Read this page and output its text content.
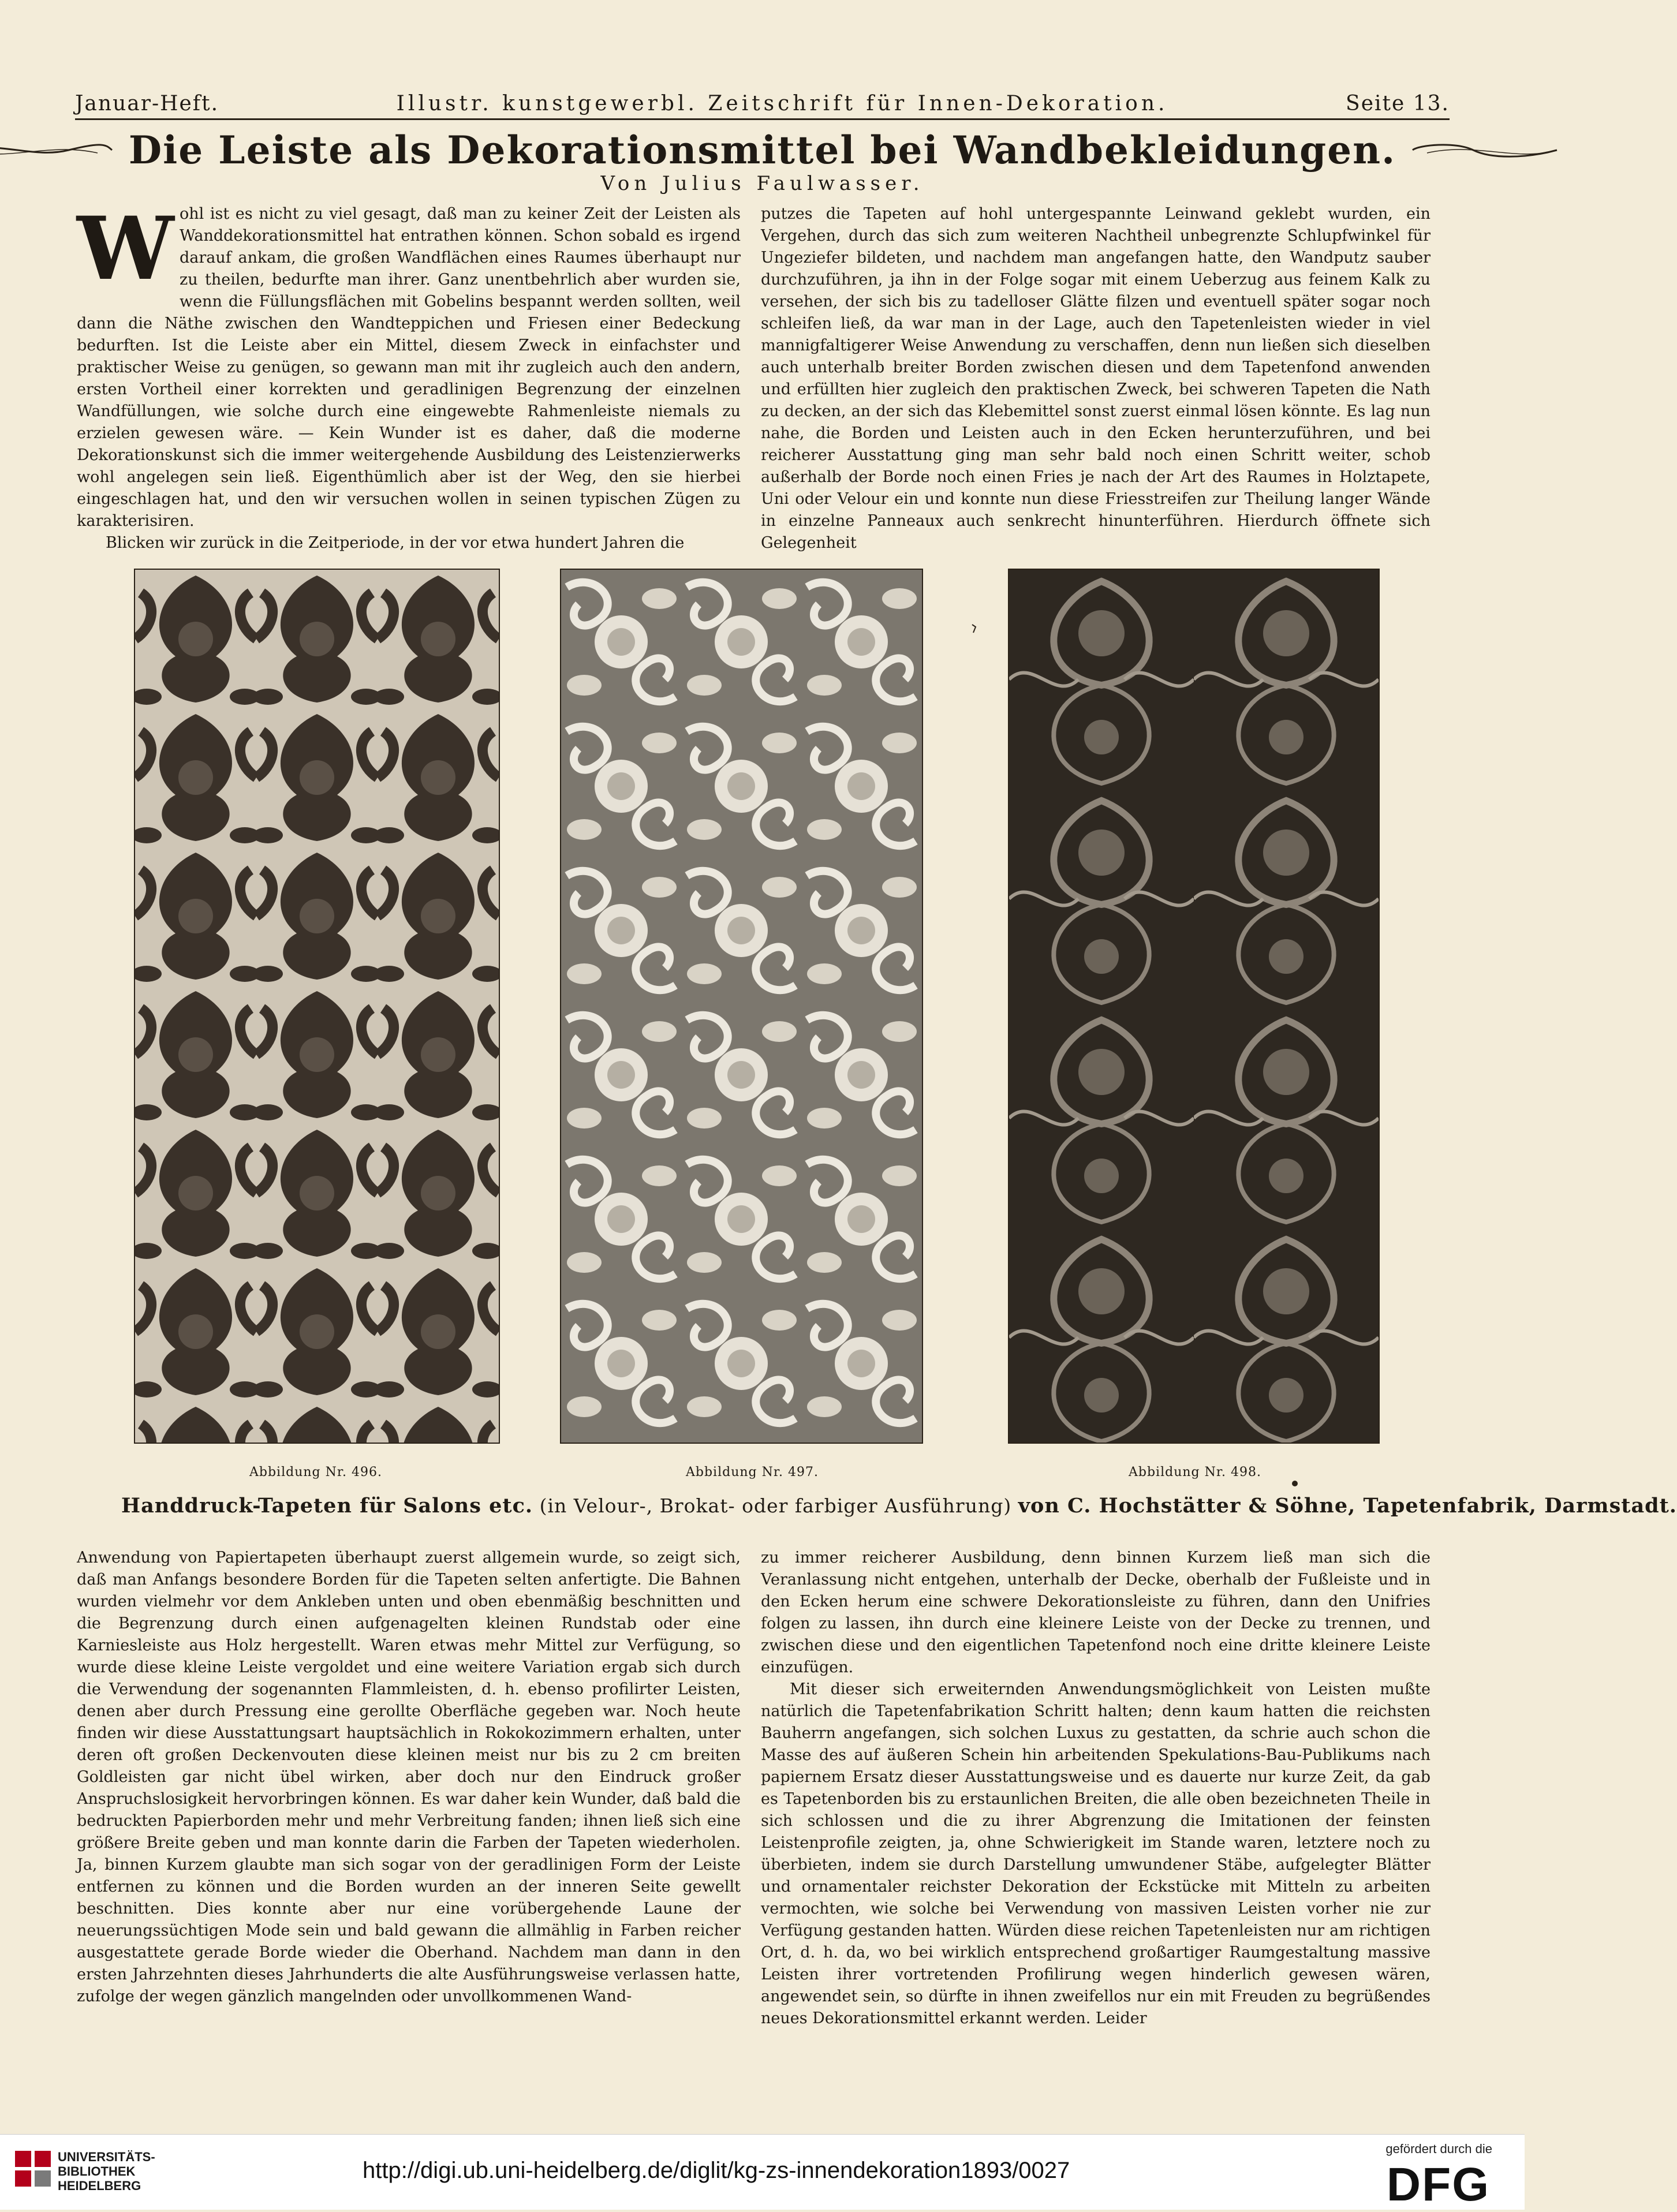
Januar-Heft.	Illustr. kunstgewerbl. Zeitschrift für Innen-Dekoration.	Seite 13.
Die Leiste als Dekorationsmittel bei Wandbekleidungen.
Von Julius Faulwasser.
W ohl ist es nicht zu viel gesagt, daß man zu keiner Zeit der Leisten als Wanddekorationsmittel hat entrathen können. Schon sobald es irgend darauf ankam, die großen Wandflächen eines Raumes überhaupt nur zu theilen, bedurfte man ihrer. Ganz unentbehrlich aber wurden sie, wenn die Füllungsflächen mit Gobelins bespannt werden sollten, weil dann die Näthe zwischen den Wandteppichen und Friesen einer Bedeckung bedurften. Ist die Leiste aber ein Mittel, diesem Zweck in einfachster und praktischer Weise zu genügen, so gewann man mit ihr zugleich auch den andern, ersten Vortheil einer korrekten und geradlinigen Begrenzung der einzelnen Wandfüllungen, wie solche durch eine eingewebte Rahmenleiste niemals zu erzielen gewesen wäre. — Kein Wunder ist es daher, daß die moderne Dekorationskunst sich die immer weitergehende Ausbildung des Leistenzierwerks wohl angelegen sein ließ. Eigenthümlich aber ist der Weg, den sie hierbei eingeschlagen hat, und den wir versuchen wollen in seinen typischen Zügen zu karakterisiren.

Blicken wir zurück in die Zeitperiode, in der vor etwa hundert Jahren die

putzes die Tapeten auf hohl untergespannte Leinwand geklebt wurden, ein Vergehen, durch das sich zum weiteren Nachtheil unbegrenzte Schlupfwinkel für Ungeziefer bildeten, und nachdem man angefangen hatte, den Wandputz sauber durchzuführen, ja ihn in der Folge sogar mit einem Ueberzug aus feinem Kalk zu versehen, der sich bis zu tadelloser Glätte filzen und eventuell später sogar noch schleifen ließ, da war man in der Lage, auch den Tapetenleisten wieder in viel mannigfaltigerer Weise Anwendung zu verschaffen, denn nun ließen sich dieselben auch unterhalb breiter Borden zwischen diesen und dem Tapetenfond anwenden und erfüllten hier zugleich den praktischen Zweck, bei schweren Tapeten die Nath zu decken, an der sich das Klebemittel sonst zuerst einmal lösen könnte. Es lag nun nahe, die Borden und Leisten auch in den Ecken herunterzuführen, und bei reicherer Ausstattung ging man sehr bald noch einen Schritt weiter, schob außerhalb der Borde noch einen Fries je nach der Art des Raumes in Holztapete, Uni oder Velour ein und konnte nun diese Friesstreifen zur Theilung langer Wände in einzelne Panneaux auch senkrecht hinunterführen. Hierdurch öffnete sich Gelegenheit

Abbildung Nr. 496.	Abbildung Nr. 497.	Abbildung Nr. 498.
Handdruck-Tapeten für Salons etc. (in Velour-, Brokat- oder farbiger Ausführung) von C. Hochstätter & Söhne, Tapetenfabrik, Darmstadt.

Anwendung von Papiertapeten überhaupt zuerst allgemein wurde, so zeigt sich, daß man Anfangs besondere Borden für die Tapeten selten anfertigte. Die Bahnen wurden vielmehr vor dem Ankleben unten und oben ebenmäßig beschnitten und die Begrenzung durch einen aufgenagelten kleinen Rundstab oder eine Karniesleiste aus Holz hergestellt. Waren etwas mehr Mittel zur Verfügung, so wurde diese kleine Leiste vergoldet und eine weitere Variation ergab sich durch die Verwendung der sogenannten Flammleisten, d. h. ebenso profilirter Leisten, denen aber durch Pressung eine gerollte Oberfläche gegeben war. Noch heute finden wir diese Ausstattungsart hauptsächlich in Rokokozimmern erhalten, unter deren oft großen Deckenvouten diese kleinen meist nur bis zu 2 cm breiten Goldleisten gar nicht übel wirken, aber doch nur den Eindruck großer Anspruchslosigkeit hervorbringen können. Es war daher kein Wunder, daß bald die bedruckten Papierborden mehr und mehr Verbreitung fanden; ihnen ließ sich eine größere Breite geben und man konnte darin die Farben der Tapeten wiederholen. Ja, binnen Kurzem glaubte man sich sogar von der geradlinigen Form der Leiste entfernen zu können und die Borden wurden an der inneren Seite gewellt beschnitten. Dies konnte aber nur eine vorübergehende Laune der neuerungssüchtigen Mode sein und bald gewann die allmählig in Farben reicher ausgestattete gerade Borde wieder die Oberhand. Nachdem man dann in den ersten Jahrzehnten dieses Jahrhunderts die alte Ausführungsweise verlassen hatte, zufolge der wegen gänzlich mangelnden oder unvollkommenen Wand-

zu immer reicherer Ausbildung, denn binnen Kurzem ließ man sich die Veranlassung nicht entgehen, unterhalb der Decke, oberhalb der Fußleiste und in den Ecken herum eine schwere Dekorationsleiste zu führen, dann den Unifries folgen zu lassen, ihn durch eine kleinere Leiste von der Decke zu trennen, und zwischen diese und den eigentlichen Tapetenfond noch eine dritte kleinere Leiste einzufügen.

Mit dieser sich erweiternden Anwendungsmöglichkeit von Leisten mußte natürlich die Tapetenfabrikation Schritt halten; denn kaum hatten die reichsten Bauherrn angefangen, sich solchen Luxus zu gestatten, da schrie auch schon die Masse des auf äußeren Schein hin arbeitenden Spekulations-Bau-Publikums nach papiernem Ersatz dieser Ausstattungsweise und es dauerte nur kurze Zeit, da gab es Tapetenborden bis zu erstaunlichen Breiten, die alle oben bezeichneten Theile in sich schlossen und die zu ihrer Abgrenzung die Imitationen der feinsten Leistenprofile zeigten, ja, ohne Schwierigkeit im Stande waren, letztere noch zu überbieten, indem sie durch Darstellung umwundener Stäbe, aufgelegter Blätter und ornamentaler reichster Dekoration der Eckstücke mit Mitteln zu arbeiten vermochten, wie solche bei Verwendung von massiven Leisten vorher nie zur Verfügung gestanden hatten. Würden diese reichen Tapetenleisten nur am richtigen Ort, d. h. da, wo bei wirklich entsprechend großartiger Raumgestaltung massive Leisten ihrer vortretenden Profilirung wegen hinderlich gewesen wären, angewendet sein, so dürfte in ihnen zweifellos nur ein mit Freuden zu begrüßendes neues Dekorationsmittel erkannt werden. Leider

UNIVERSITÄTS-
BIBLIOTHEK
HEIDELBERG
http://digi.ub.uni-heidelberg.de/diglit/kg-zs-innendekoration1893/0027
gefördert durch die
DFG
